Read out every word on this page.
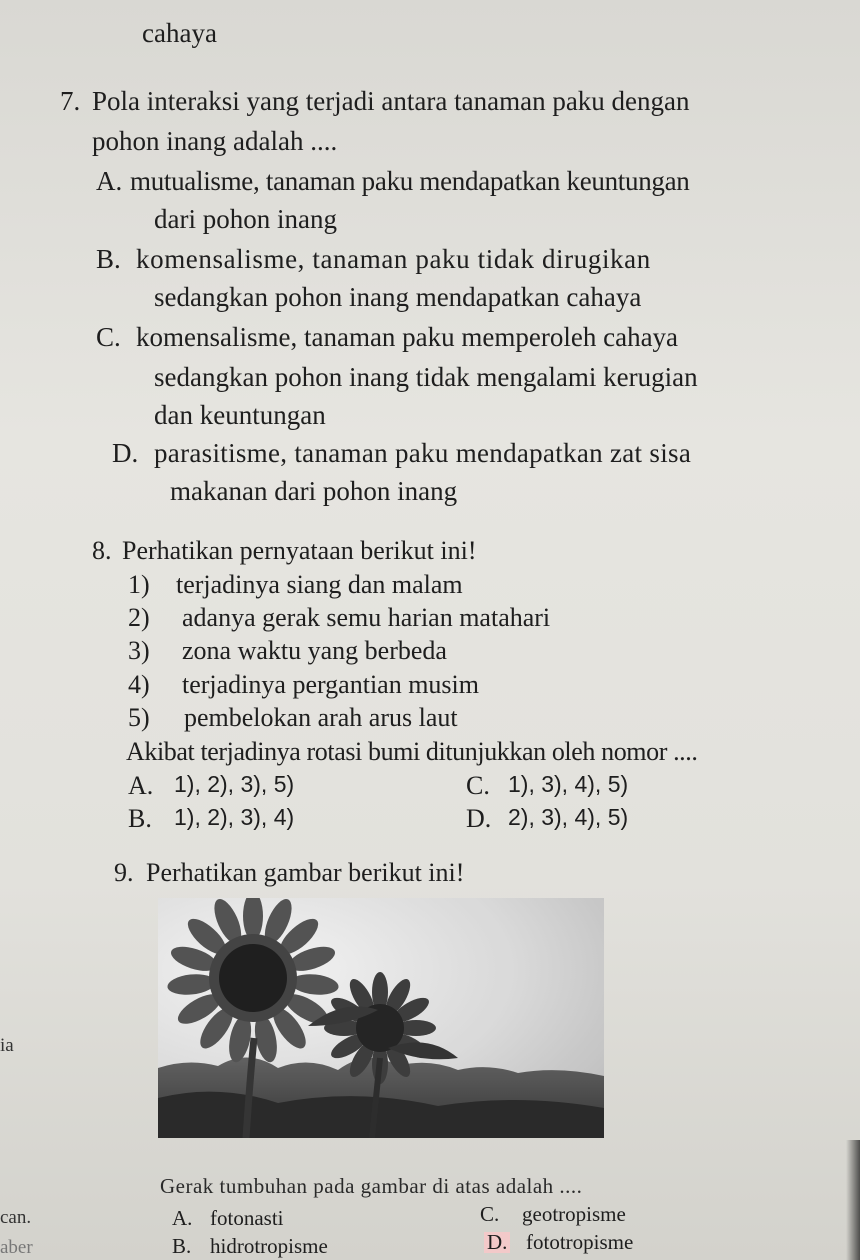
cahaya
7. Pola interaksi yang terjadi antara tanaman paku dengan
pohon inang adalah ....
A. mutualisme, tanaman paku mendapatkan keuntungan
dari pohon inang
B. komensalisme, tanaman paku tidak dirugikan
sedangkan pohon inang mendapatkan cahaya
C. komensalisme, tanaman paku memperoleh cahaya
sedangkan pohon inang tidak mengalami kerugian
dan keuntungan
D. parasitisme, tanaman paku mendapatkan zat sisa
makanan dari pohon inang
8. Perhatikan pernyataan berikut ini!
1) terjadinya siang dan malam
2) adanya gerak semu harian matahari
3) zona waktu yang berbeda
4) terjadinya pergantian musim
5) pembelokan arah arus laut
Akibat terjadinya rotasi bumi ditunjukkan oleh nomor ....
A. 1), 2), 3), 5)	C. 1), 3), 4), 5)
B. 1), 2), 3), 4)	D. 2), 3), 4), 5)
9. Perhatikan gambar berikut ini!
Gerak tumbuhan pada gambar di atas adalah ....
A. fotonasti	C. geotropisme
B. hidrotropisme	D. fototropisme
ia
can.
aber
